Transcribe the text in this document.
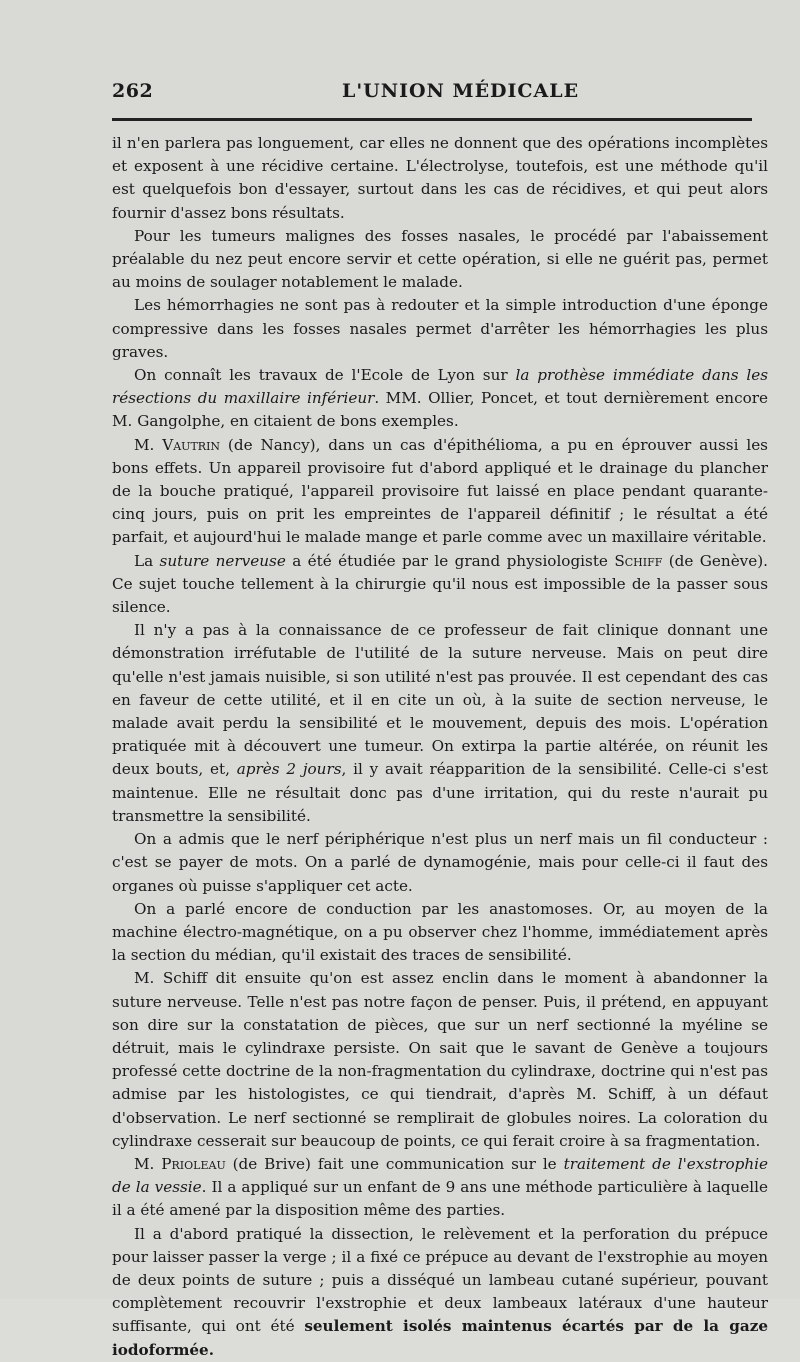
262	L'UNION MÉDICALE

il n'en parlera pas longuement, car elles ne donnent que des opérations incomplètes et exposent à une récidive certaine. L'électrolyse, toutefois, est une méthode qu'il est quelquefois bon d'essayer, surtout dans les cas de récidives, et qui peut alors fournir d'assez bons résultats.

Pour les tumeurs malignes des fosses nasales, le procédé par l'abaissement préalable du nez peut encore servir et cette opération, si elle ne guérit pas, permet au moins de soulager notablement le malade.

Les hémorrhagies ne sont pas à redouter et la simple introduction d'une éponge compressive dans les fosses nasales permet d'arrêter les hémorrhagies les plus graves.

On connaît les travaux de l'Ecole de Lyon sur la prothèse immédiate dans les résections du maxillaire inférieur. MM. Ollier, Poncet, et tout dernièrement encore M. Gangolphe, en citaient de bons exemples.

M. Vautrin (de Nancy), dans un cas d'épithélioma, a pu en éprouver aussi les bons effets. Un appareil provisoire fut d'abord appliqué et le drainage du plancher de la bouche pratiqué, l'appareil provisoire fut laissé en place pendant quarante-cinq jours, puis on prit les empreintes de l'appareil définitif ; le résultat a été parfait, et aujourd'hui le malade mange et parle comme avec un maxillaire véritable.

La suture nerveuse a été étudiée par le grand physiologiste Schiff (de Genève). Ce sujet touche tellement à la chirurgie qu'il nous est impossible de la passer sous silence.

Il n'y a pas à la connaissance de ce professeur de fait clinique donnant une démonstration irréfutable de l'utilité de la suture nerveuse. Mais on peut dire qu'elle n'est jamais nuisible, si son utilité n'est pas prouvée. Il est cependant des cas en faveur de cette utilité, et il en cite un où, à la suite de section nerveuse, le malade avait perdu la sensibilité et le mouvement, depuis des mois. L'opération pratiquée mit à découvert une tumeur. On extirpa la partie altérée, on réunit les deux bouts, et, après 2 jours, il y avait réapparition de la sensibilité. Celle-ci s'est maintenue. Elle ne résultait donc pas d'une irritation, qui du reste n'aurait pu transmettre la sensibilité.

On a admis que le nerf périphérique n'est plus un nerf mais un fil conducteur : c'est se payer de mots. On a parlé de dynamogénie, mais pour celle-ci il faut des organes où puisse s'appliquer cet acte.

On a parlé encore de conduction par les anastomoses. Or, au moyen de la machine électro-magnétique, on a pu observer chez l'homme, immédiatement après la section du médian, qu'il existait des traces de sensibilité.

M. Schiff dit ensuite qu'on est assez enclin dans le moment à abandonner la suture nerveuse. Telle n'est pas notre façon de penser. Puis, il prétend, en appuyant son dire sur la constatation de pièces, que sur un nerf sectionné la myéline se détruit, mais le cylindraxe persiste. On sait que le savant de Genève a toujours professé cette doctrine de la non-fragmentation du cylindraxe, doctrine qui n'est pas admise par les histologistes, ce qui tiendrait, d'après M. Schiff, à un défaut d'observation. Le nerf sectionné se remplirait de globules noires. La coloration du cylindraxe cesserait sur beaucoup de points, ce qui ferait croire à sa fragmentation.

M. Prioleau (de Brive) fait une communication sur le traitement de l'exstrophie de la vessie. Il a appliqué sur un enfant de 9 ans une méthode particulière à laquelle il a été amené par la disposition même des parties.

Il a d'abord pratiqué la dissection, le relèvement et la perforation du prépuce pour laisser passer la verge ; il a fixé ce prépuce au devant de l'exstrophie au moyen de deux points de suture ; puis a disséqué un lambeau cutané supérieur, pouvant complètement recouvrir l'exstrophie et deux lambeaux latéraux d'une hauteur suffisante, qui ont été seulement isolés maintenus écartés par de la gaze iodoformée.
